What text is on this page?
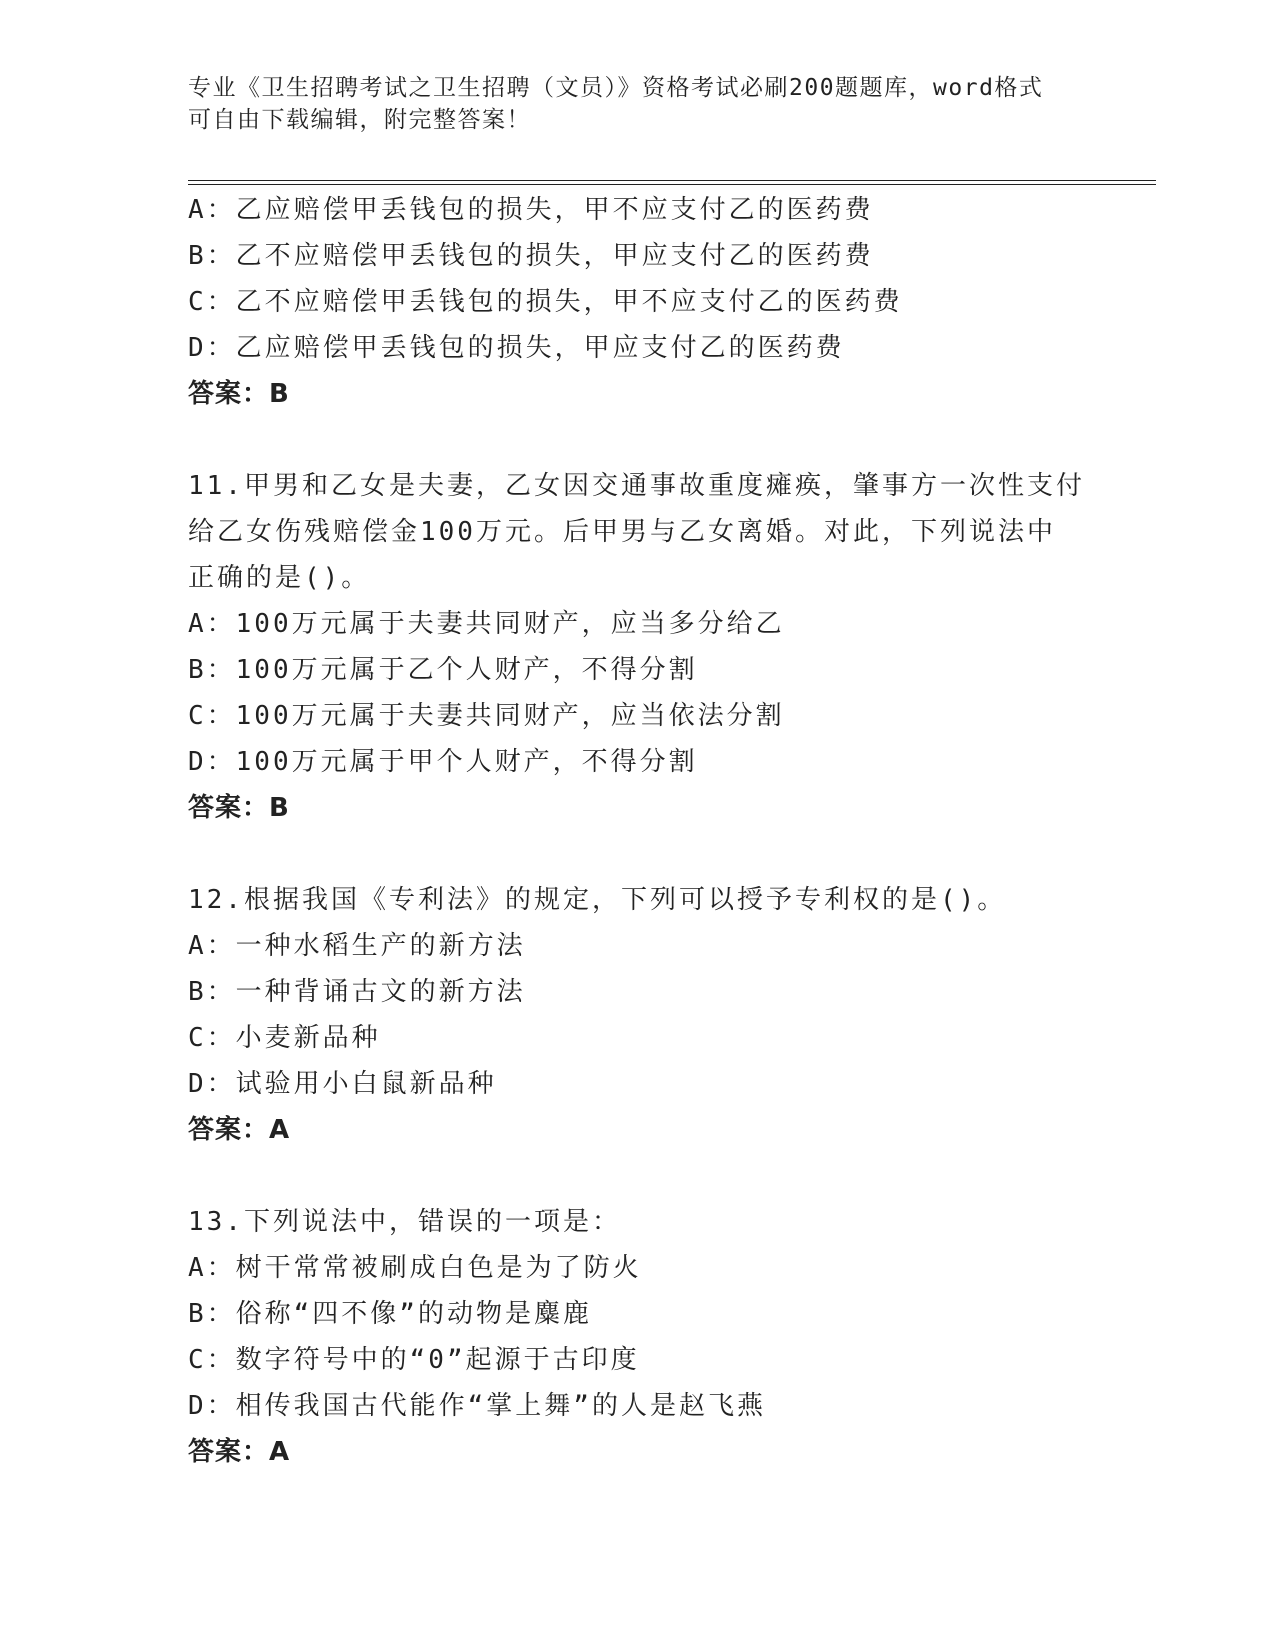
专业《卫生招聘考试之卫生招聘（文员）》资格考试必刷200题题库，word格式
可自由下载编辑，附完整答案！
A：乙应赔偿甲丢钱包的损失，甲不应支付乙的医药费
B：乙不应赔偿甲丢钱包的损失，甲应支付乙的医药费
C：乙不应赔偿甲丢钱包的损失，甲不应支付乙的医药费
D：乙应赔偿甲丢钱包的损失，甲应支付乙的医药费
答案：B
11.甲男和乙女是夫妻，乙女因交通事故重度瘫痪，肇事方一次性支付
给乙女伤残赔偿金100万元。后甲男与乙女离婚。对此，下列说法中
正确的是()。
A：100万元属于夫妻共同财产，应当多分给乙
B：100万元属于乙个人财产，不得分割
C：100万元属于夫妻共同财产，应当依法分割
D：100万元属于甲个人财产，不得分割
答案：B
12.根据我国《专利法》的规定，下列可以授予专利权的是()。
A：一种水稻生产的新方法
B：一种背诵古文的新方法
C：小麦新品种
D：试验用小白鼠新品种
答案：A
13.下列说法中，错误的一项是：
A：树干常常被刷成白色是为了防火
B：俗称“四不像”的动物是麋鹿
C：数字符号中的“0”起源于古印度
D：相传我国古代能作“掌上舞”的人是赵飞燕
答案：A
